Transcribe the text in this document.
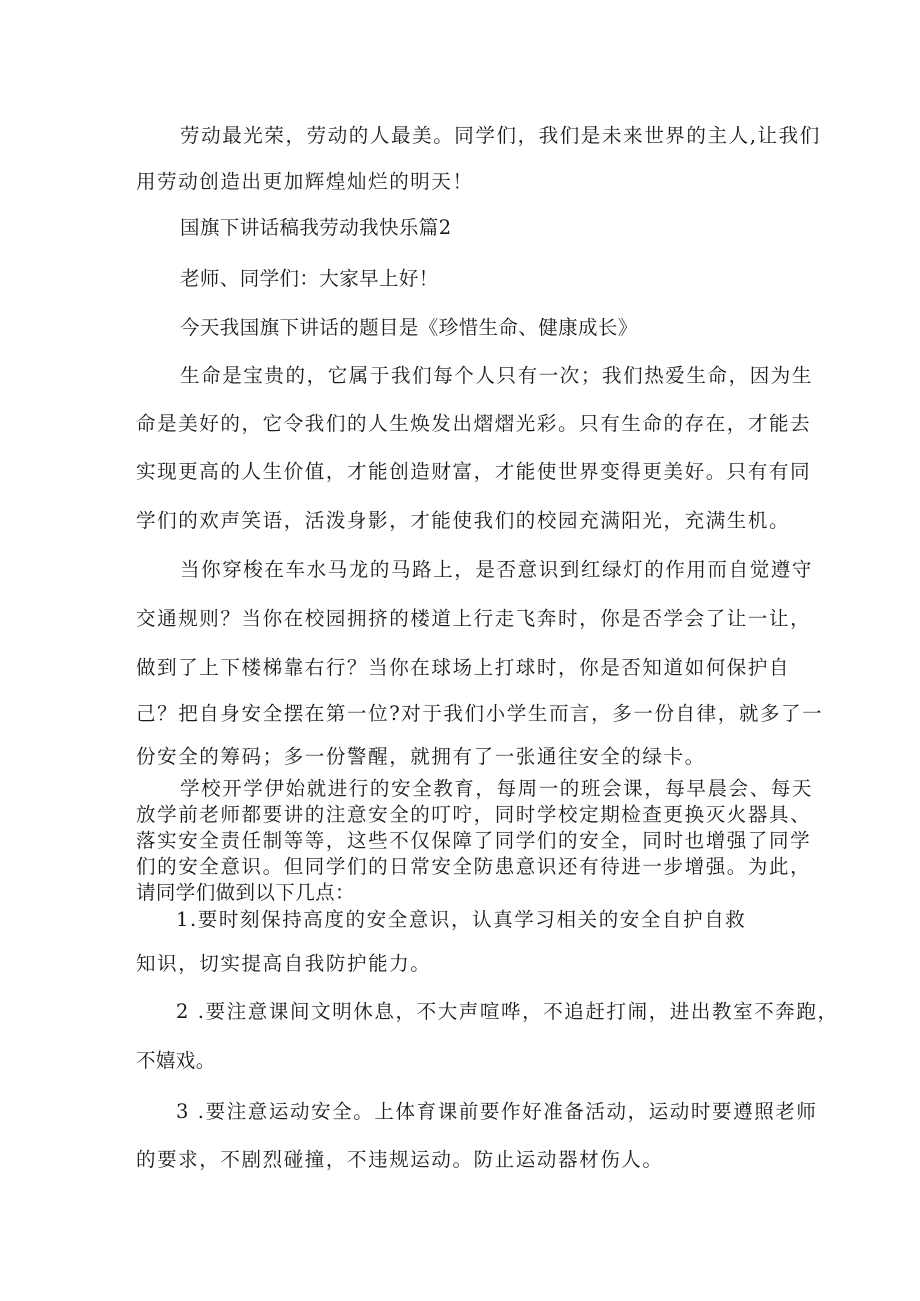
劳动最光荣，劳动的人最美。同学们，我们是未来世界的主人,让我们
用劳动创造出更加辉煌灿烂的明天！
国旗下讲话稿我劳动我快乐篇2
老师、同学们：大家早上好！
今天我国旗下讲话的题目是《珍惜生命、健康成长》
生命是宝贵的，它属于我们每个人只有一次；我们热爱生命，因为生
命是美好的，它令我们的人生焕发出熠熠光彩。只有生命的存在，才能去
实现更高的人生价值，才能创造财富，才能使世界变得更美好。只有有同
学们的欢声笑语，活泼身影，才能使我们的校园充满阳光，充满生机。
当你穿梭在车水马龙的马路上，是否意识到红绿灯的作用而自觉遵守
交通规则？当你在校园拥挤的楼道上行走飞奔时，你是否学会了让一让，
做到了上下楼梯靠右行？当你在球场上打球时，你是否知道如何保护自
己？把自身安全摆在第一位?对于我们小学生而言，多一份自律，就多了一
份安全的筹码；多一份警醒，就拥有了一张通往安全的绿卡。
学校开学伊始就进行的安全教育，每周一的班会课，每早晨会、每天
放学前老师都要讲的注意安全的叮咛，同时学校定期检查更换灭火器具、
落实安全责任制等等，这些不仅保障了同学们的安全，同时也增强了同学
们的安全意识。但同学们的日常安全防患意识还有待进一步增强。为此，
请同学们做到以下几点：
1.要时刻保持高度的安全意识，认真学习相关的安全自护自救
知识，切实提高自我防护能力。
2 .要注意课间文明休息，不大声喧哗，不追赶打闹，进出教室不奔跑，
不嬉戏。
3 .要注意运动安全。上体育课前要作好准备活动，运动时要遵照老师
的要求，不剧烈碰撞，不违规运动。防止运动器材伤人。
